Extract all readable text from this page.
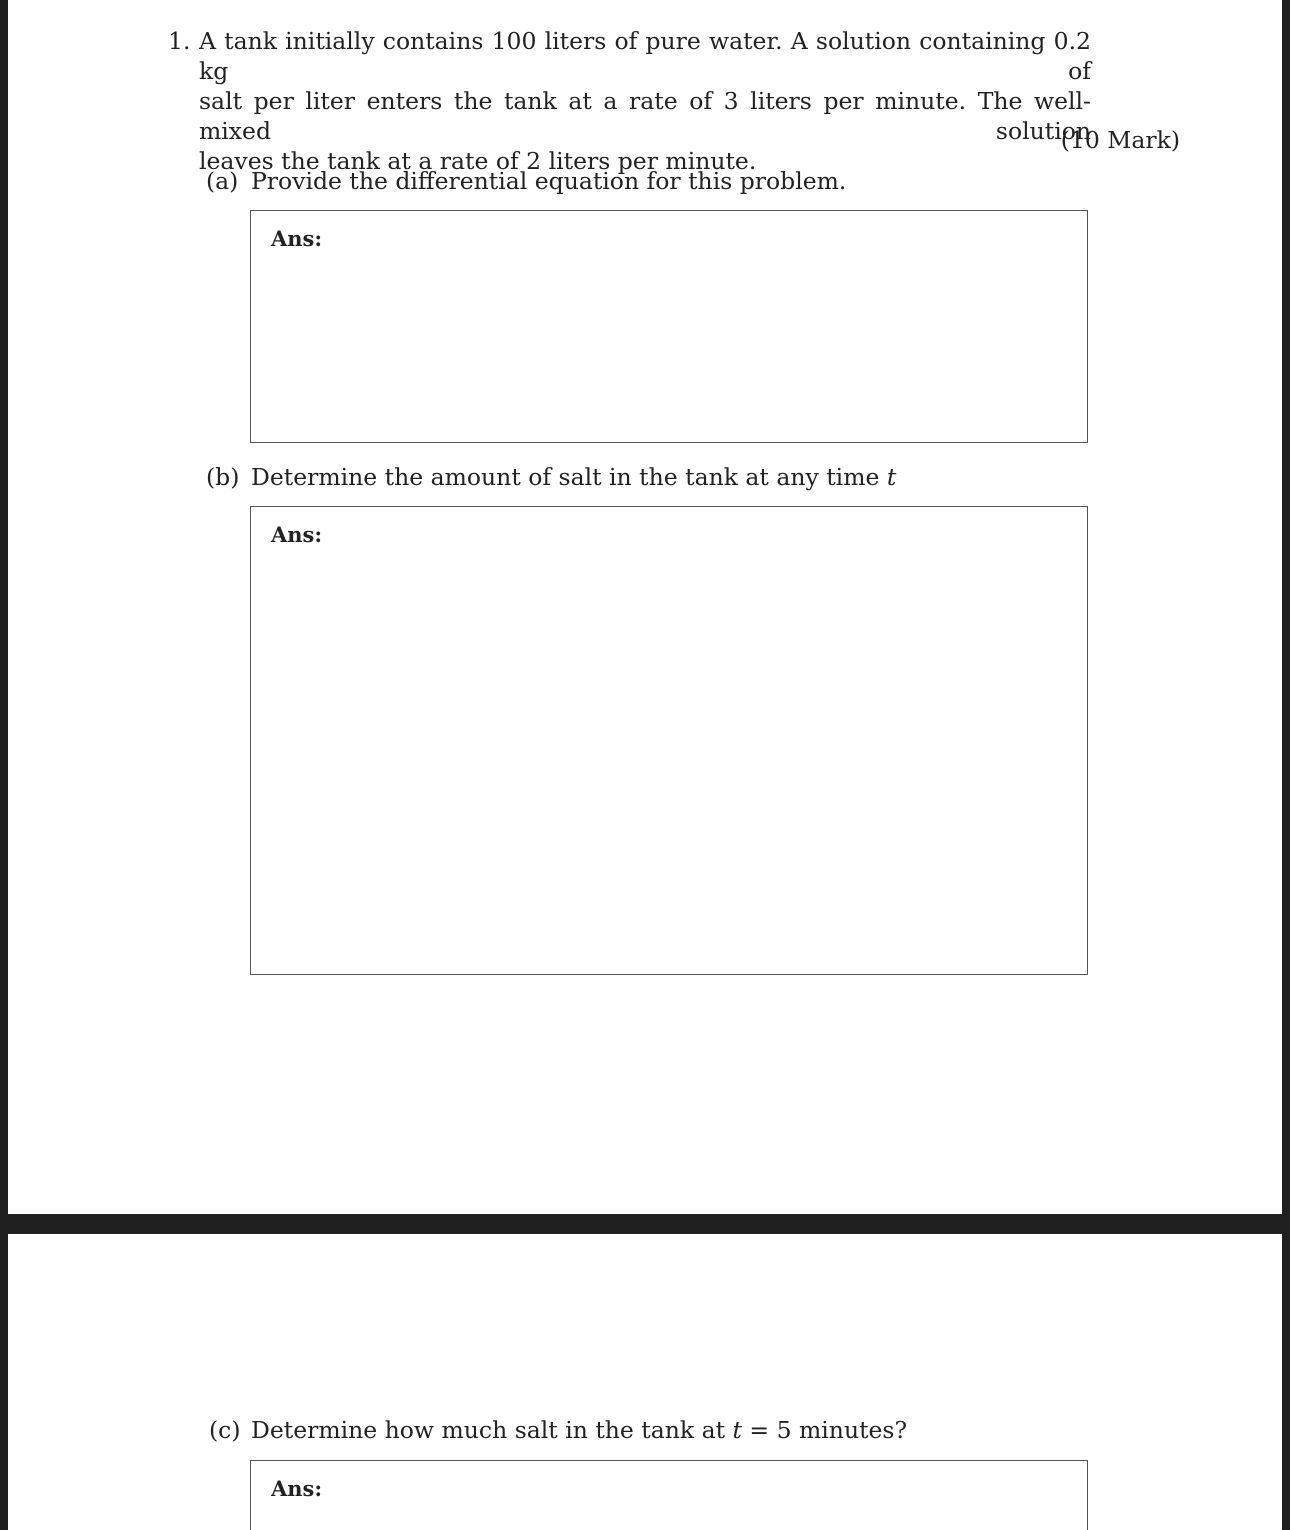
1. A tank initially contains 100 liters of pure water. A solution containing 0.2 kg of
salt per liter enters the tank at a rate of 3 liters per minute. The well-mixed solution
leaves the tank at a rate of 2 liters per minute.
(10 Mark)
(a) Provide the differential equation for this problem.
Ans:
(b) Determine the amount of salt in the tank at any time t
Ans:
(c) Determine how much salt in the tank at t = 5 minutes?
Ans:
